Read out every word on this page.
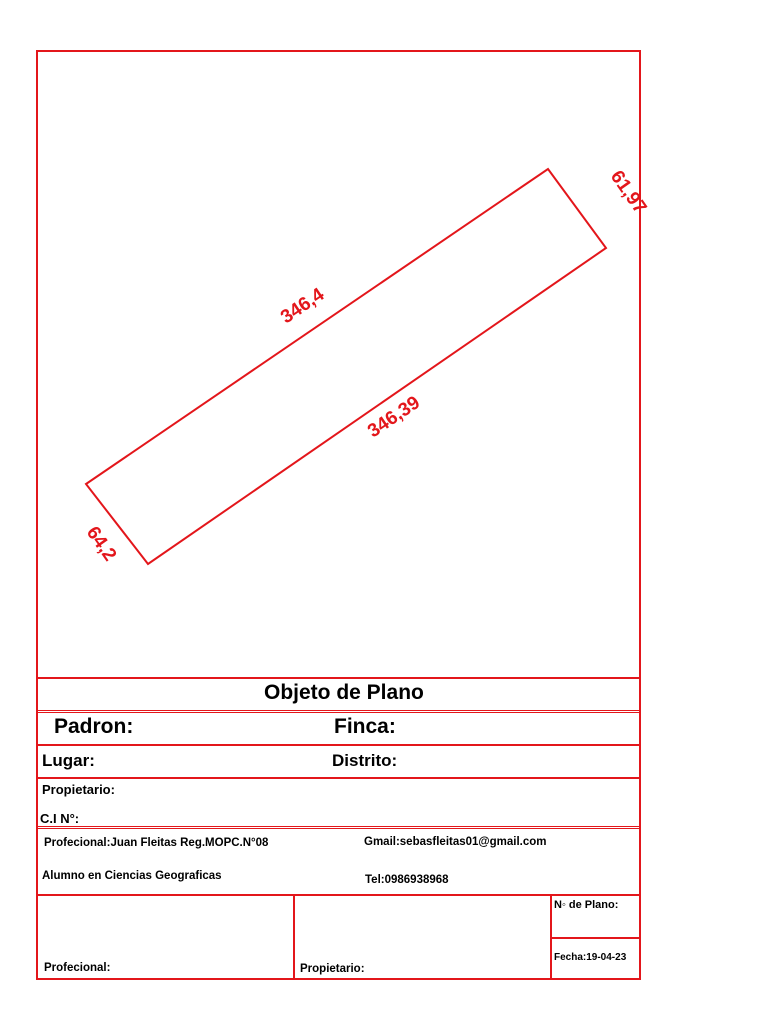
346,4
346,39
61,97
64,2
Objeto de Plano
Padron:	Finca:
Lugar:	Distrito:
Propietario:
C.I N°:
Profecional:Juan Fleitas Reg.MOPC.N°08	Gmail:sebasfleitas01@gmail.com
Alumno en Ciencias Geograficas	Tel:0986938968
Profecional:	Propietario:
N◦ de Plano:
Fecha:19-04-23
